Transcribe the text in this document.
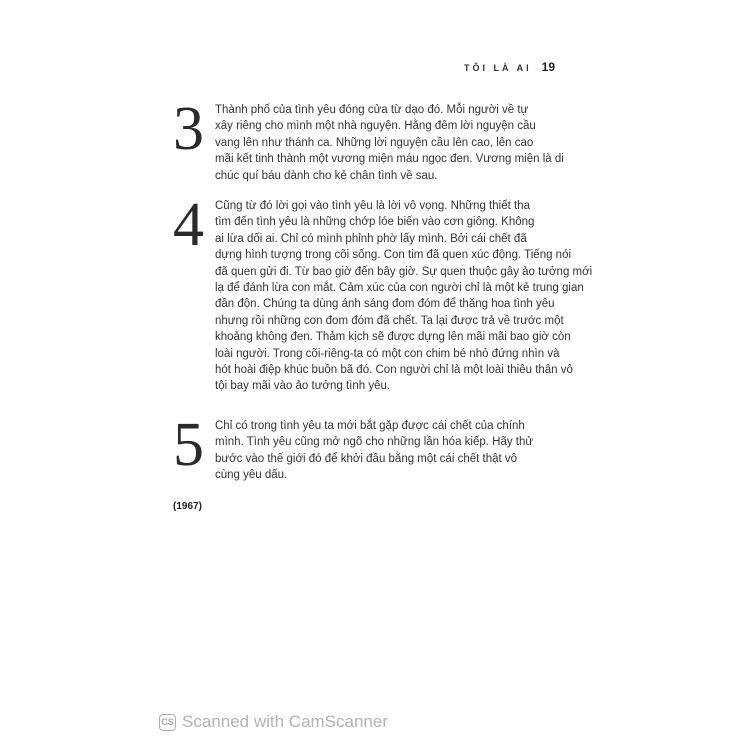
TÔI LÀ AI 19
3 Thành phố của tình yêu đóng cửa từ dạo đó. Mỗi người về tự
xây riêng cho mình một nhà nguyện. Hằng đêm lời nguyện cầu
vang lên như thánh ca. Những lời nguyện cầu lên cao, lên cao
mãi kết tinh thành một vương miện máu ngọc đen. Vương miện là di
chúc quí báu dành cho kẻ chân tình về sau.
4 Cũng từ đó lời gọi vào tình yêu là lời vô vọng. Những thiết tha
tìm đến tình yêu là những chớp lóe biến vào cơn giông. Không
ai lừa dối ai. Chỉ có mình phỉnh phờ lấy mình. Bởi cái chết đã
dựng hình tượng trong cõi sống. Con tim đã quen xúc động. Tiếng nói
đã quen gửi đi. Từ bao giờ đến bây giờ. Sự quen thuộc gây ảo tưởng mới
lạ để đánh lừa con mắt. Cảm xúc của con người chỉ là một kẻ trung gian
đần độn. Chúng ta dùng ánh sáng đom đóm để thăng hoa tình yêu
nhưng rồi những con đom đóm đã chết. Ta lại được trả về trước một
khoảng không đen. Thảm kịch sẽ được dựng lên mãi mãi bao giờ còn
loài người. Trong cõi-riêng-ta có một con chim bé nhỏ đứng nhìn và
hót hoài điệp khúc buồn bã đó. Con người chỉ là một loài thiêu thân vô
tội bay mãi vào ảo tưởng tình yêu.
5 Chỉ có trong tình yêu ta mới bắt gặp được cái chết của chính
mình. Tình yêu cũng mở ngõ cho những lần hóa kiếp. Hãy thử
bước vào thế giới đó để khởi đầu bằng một cái chết thật vô
cùng yêu dấu.
(1967)
CS Scanned with CamScanner
